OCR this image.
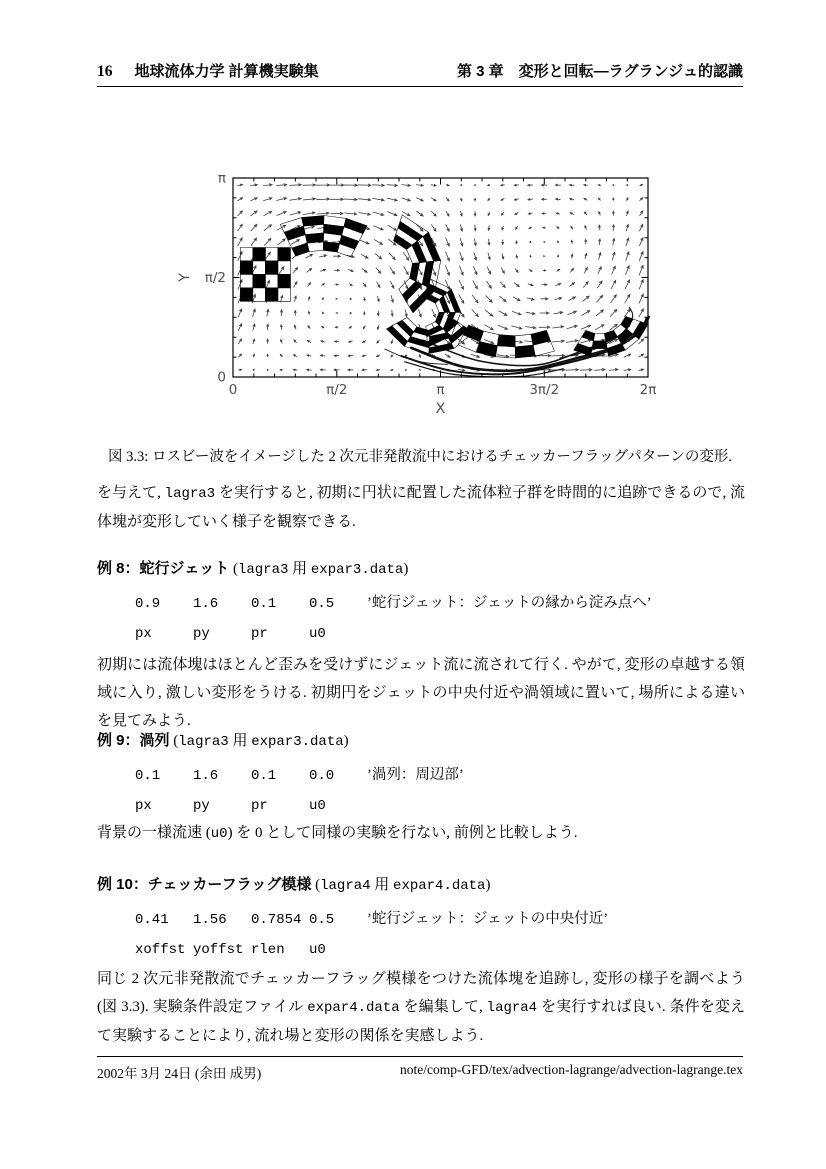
16 地球流体力学 計算機実験集	第 3 章　変形と回転—ラグランジュ的認識
0	π/2	π	3π/2	2π
0
π/2
π
X
Y
図 3.3: ロスビー波をイメージした 2 次元非発散流中におけるチェッカーフラッグパターンの変形.

を与えて, lagra3 を実行すると, 初期に円状に配置した流体粒子群を時間的に追跡できるので, 流体塊が変形していく様子を観察できる.

例 8：蛇行ジェット (lagra3 用 expar3.data)
0.9 1.6 0.1 0.5 ’蛇行ジェット：ジェットの縁から淀み点へ’
px	py	pr	u0

初期には流体塊はほとんど歪みを受けずにジェット流に流されて行く. やがて, 変形の卓越する領域に入り, 激しい変形をうける. 初期円をジェットの中央付近や渦領域に置いて, 場所による違いを見てみよう.

例 9：渦列 (lagra3 用 expar3.data)
0.1 1.6 0.1 0.0 ’渦列：周辺部’
px	py	pr	u0

背景の一様流速 (u0) を 0 として同様の実験を行ない, 前例と比較しよう.

例 10：チェッカーフラッグ模様 (lagra4 用 expar4.data)
0.41 1.56 0.7854 0.5 ’蛇行ジェット：ジェットの中央付近’
xoffst yoffst rlen u0

同じ 2 次元非発散流でチェッカーフラッグ模様をつけた流体塊を追跡し, 変形の様子を調べよう (図 3.3). 実験条件設定ファイル expar4.data を編集して, lagra4 を実行すれば良い. 条件を変えて実験することにより, 流れ場と変形の関係を実感しよう.

2002年 3月 24日 (余田 成男)	note/comp-GFD/tex/advection-lagrange/advection-lagrange.tex
